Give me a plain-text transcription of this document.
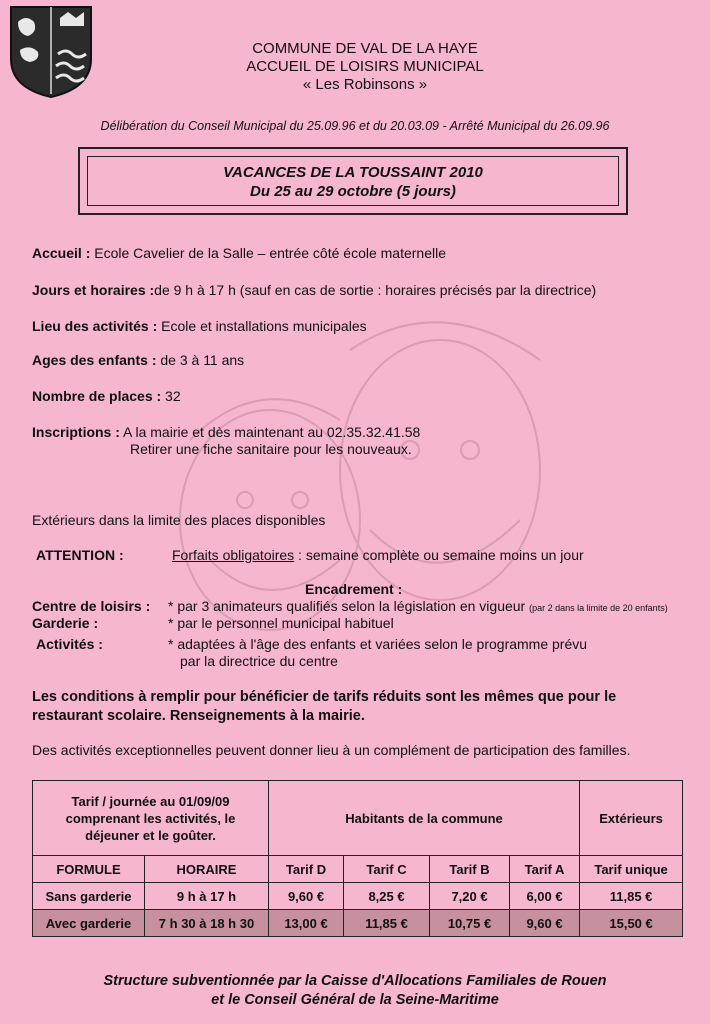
COMMUNE DE VAL DE LA HAYE
ACCUEIL DE LOISIRS MUNICIPAL
« Les Robinsons »
Délibération du Conseil Municipal du 25.09.96 et du 20.03.09 - Arrêté Municipal du 26.09.96
VACANCES DE LA TOUSSAINT 2010
Du 25 au 29 octobre (5 jours)
Accueil : Ecole Cavelier de la Salle – entrée côté école maternelle
Jours et horaires :de 9 h à 17 h (sauf en cas de sortie : horaires précisés par la directrice)
Lieu des activités : Ecole et installations municipales
Ages des enfants : de 3 à 11 ans
Nombre de places : 32
Inscriptions : A la mairie et dès maintenant au 02.35.32.41.58
Retirer une fiche sanitaire pour les nouveaux.
Extérieurs dans la limite des places disponibles
ATTENTION :	Forfaits obligatoires : semaine complète ou semaine moins un jour
Encadrement :
Centre de loisirs : * par 3 animateurs qualifiés selon la législation en vigueur (par 2 dans la limite de 20 enfants)
Garderie :	* par le personnel municipal habituel
Activités :	* adaptées à l'âge des enfants et variées selon le programme prévu
par la directrice du centre
Les conditions à remplir pour bénéficier de tarifs réduits sont les mêmes que pour le restaurant scolaire. Renseignements à la mairie.
Des activités exceptionnelles peuvent donner lieu à un complément de participation des familles.
Tarif / journée au 01/09/09
comprenant les activités, le
déjeuner et le goûter.		Habitants de la commune				Extérieurs
FORMULE	HORAIRE	Tarif D	Tarif C	Tarif B	Tarif A	Tarif unique
Sans garderie	9 h à 17 h	9,60 €	8,25 €	7,20 €	6,00 €	11,85 €
Avec garderie	7 h 30 à 18 h 30	13,00 €	11,85 €	10,75 €	9,60 €	15,50 €
Structure subventionnée par la Caisse d'Allocations Familiales de Rouen
et le Conseil Général de la Seine-Maritime
